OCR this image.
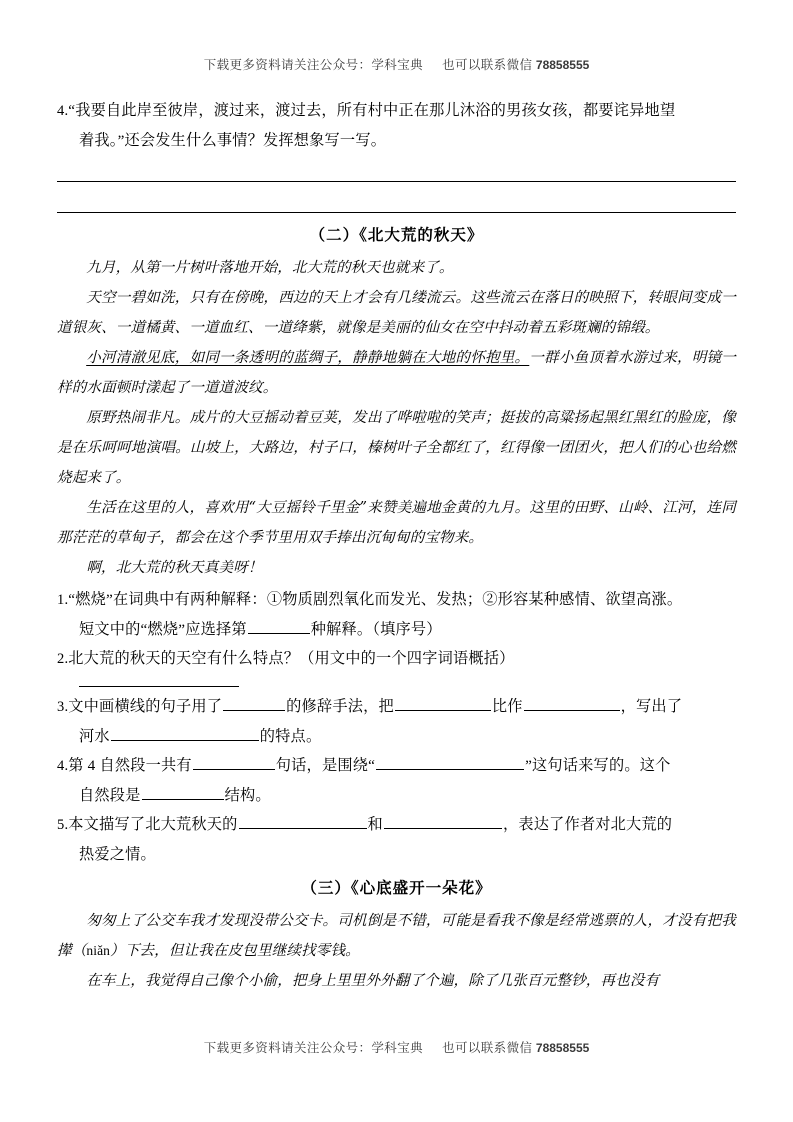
下载更多资料请关注公众号：学科宝典 也可以联系微信 78858555

4.“我要自此岸至彼岸，渡过来，渡过去，所有村中正在那儿沐浴的男孩女孩，都要诧异地望

着我。”还会发生什么事情？发挥想象写一写。

（二）《北大荒的秋天》

九月，从第一片树叶落地开始，北大荒的秋天也就来了。

天空一碧如洗，只有在傍晚，西边的天上才会有几缕流云。这些流云在落日的映照下，转眼间变成一道银灰、一道橘黄、一道血红、一道绛紫，就像是美丽的仙女在空中抖动着五彩斑斓的锦缎。

小河清澈见底，如同一条透明的蓝绸子，静静地躺在大地的怀抱里。一群小鱼顶着水游过来，明镜一样的水面顿时漾起了一道道波纹。

原野热闹非凡。成片的大豆摇动着豆荚，发出了哗啦啦的笑声；挺拔的高粱扬起黑红黑红的脸庞，像是在乐呵呵地演唱。山坡上，大路边，村子口，榛树叶子全都红了，红得像一团团火，把人们的心也给燃烧起来了。

生活在这里的人，喜欢用“大豆摇铃千里金”来赞美遍地金黄的九月。这里的田野、山岭、江河，连同那茫茫的草甸子，都会在这个季节里用双手捧出沉甸甸的宝物来。

啊，北大荒的秋天真美呀！

1.“燃烧”在词典中有两种解释：①物质剧烈氧化而发光、发热；②形容某种感情、欲望高涨。

短文中的“燃烧”应选择第	种解释。（填序号）

2.北大荒的秋天的天空有什么特点？（用文中的一个四字词语概括）

3.文中画横线的句子用了	的修辞手法，把	比作	，写出了

河水	的特点。

4.第 4 自然段一共有	句话，是围绕“	”这句话来写的。这个

自然段是	结构。

5.本文描写了北大荒秋天的	和	，表达了作者对北大荒的

热爱之情。

（三）《心底盛开一朵花》

匆匆上了公交车我才发现没带公交卡。司机倒是不错，可能是看我不像是经常逃票的人，才没有把我撵（niǎn）下去，但让我在皮包里继续找零钱。

在车上，我觉得自己像个小偷，把身上里里外外翻了个遍，除了几张百元整钞，再也没有

下载更多资料请关注公众号：学科宝典 也可以联系微信 78858555
